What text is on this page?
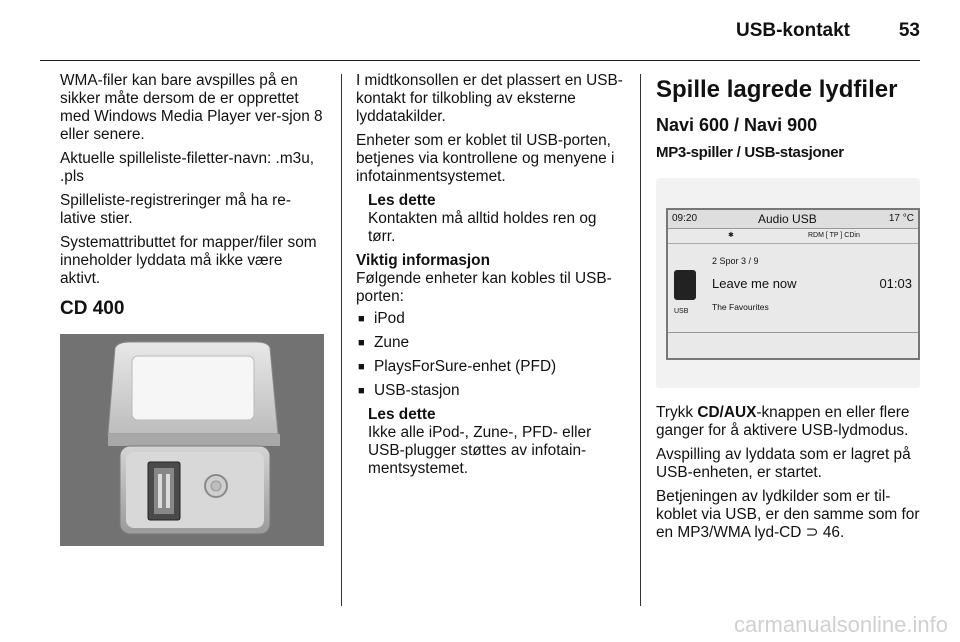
USB-kontakt	53

WMA-filer kan bare avspilles på en sikker måte dersom de er opprettet med Windows Media Player ver-sjon 8 eller senere.

Aktuelle spilleliste-filetter-navn: .m3u, .pls

Spilleliste-registreringer må ha re-lative stier.

Systemattributtet for mapper/filer som inneholder lyddata må ikke være aktivt.

CD 400

I midtkonsollen er det plassert en USB-kontakt for tilkobling av eksterne lyddatakilder.

Enheter som er koblet til USB-porten, betjenes via kontrollene og menyene i infotainmentsystemet.

Les dette

Kontakten må alltid holdes ren og tørr.

Viktig informasjon
Følgende enheter kan kobles til USB-porten:
■ iPod
■ Zune
■ PlaysForSure-enhet (PFD)
■ USB-stasjon
Les dette

Ikke alle iPod-, Zune-, PFD- eller USB-plugger støttes av infotain-mentsystemet.

Spille lagrede lydfiler
Navi 600 / Navi 900
MP3-spiller / USB-stasjoner
09:20	Audio USB	17 °C
✱	RDM [ TP ] CDin
2 Spor 3 / 9
Leave me now	01:03
USB	The Favourites

Trykk CD/AUX-knappen en eller flere ganger for å aktivere USB-lydmodus.

Avspilling av lyddata som er lagret på USB-enheten, er startet.

Betjeningen av lydkilder som er til-koblet via USB, er den samme som for en MP3/WMA lyd-CD ⊃ 46.

carmanualsonline.info
